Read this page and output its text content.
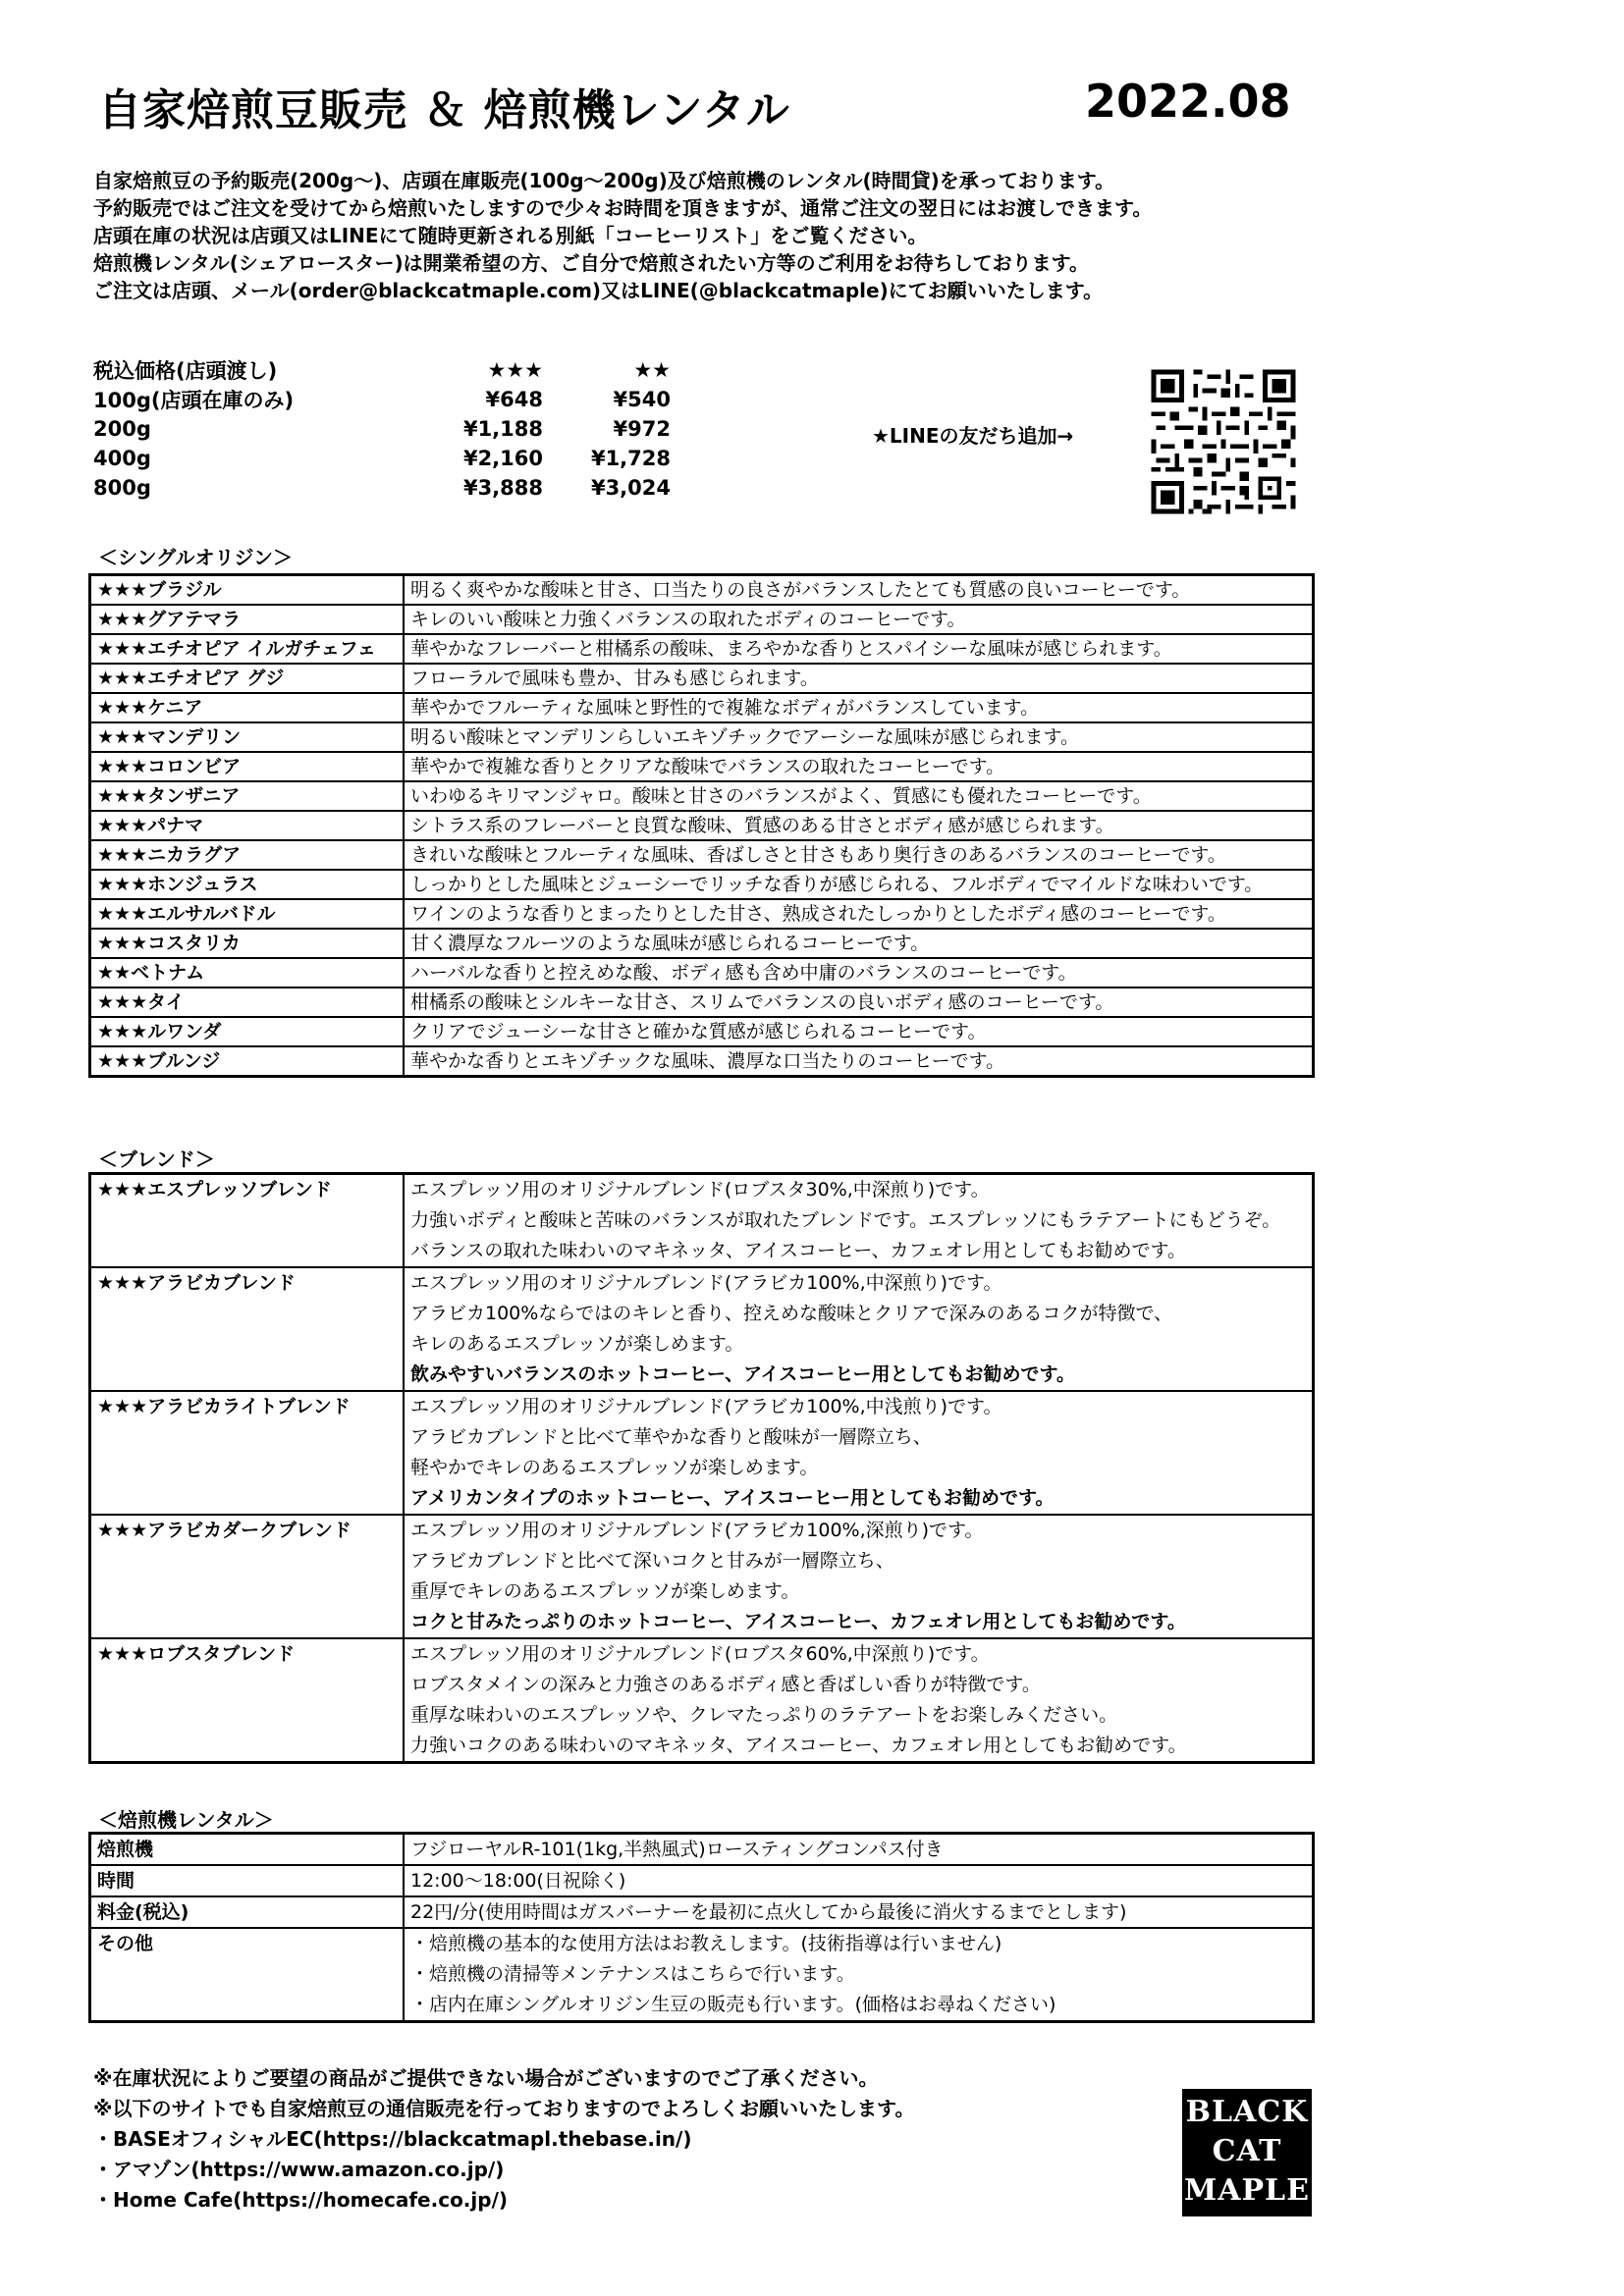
自家焙煎豆販売 ＆ 焙煎機レンタル	2022.08
自家焙煎豆の予約販売(200g～)、店頭在庫販売(100g～200g)及び焙煎機のレンタル(時間貸)を承っております。
予約販売ではご注文を受けてから焙煎いたしますので少々お時間を頂きますが、通常ご注文の翌日にはお渡しできます。
店頭在庫の状況は店頭又はLINEにて随時更新される別紙「コーヒーリスト」をご覧ください。
焙煎機レンタル(シェアロースター)は開業希望の方、ご自分で焙煎されたい方等のご利用をお待ちしております。
ご注文は店頭、メール(order@blackcatmaple.com)又はLINE(@blackcatmaple)にてお願いいたします。
税込価格(店頭渡し)	★★★	★★
100g(店頭在庫のみ)	¥648	¥540
200g	¥1,188	¥972
400g	¥2,160	¥1,728
800g	¥3,888	¥3,024
★LINEの友だち追加→
＜シングルオリジン＞
★★★ブラジル	明るく爽やかな酸味と甘さ、口当たりの良さがバランスしたとても質感の良いコーヒーです。
★★★グアテマラ	キレのいい酸味と力強くバランスの取れたボディのコーヒーです。
★★★エチオピア イルガチェフェ	華やかなフレーバーと柑橘系の酸味、まろやかな香りとスパイシーな風味が感じられます。
★★★エチオピア グジ	フローラルで風味も豊か、甘みも感じられます。
★★★ケニア	華やかでフルーティな風味と野性的で複雑なボディがバランスしています。
★★★マンデリン	明るい酸味とマンデリンらしいエキゾチックでアーシーな風味が感じられます。
★★★コロンビア	華やかで複雑な香りとクリアな酸味でバランスの取れたコーヒーです。
★★★タンザニア	いわゆるキリマンジャロ。酸味と甘さのバランスがよく、質感にも優れたコーヒーです。
★★★パナマ	シトラス系のフレーバーと良質な酸味、質感のある甘さとボディ感が感じられます。
★★★ニカラグア	きれいな酸味とフルーティな風味、香ばしさと甘さもあり奥行きのあるバランスのコーヒーです。
★★★ホンジュラス	しっかりとした風味とジューシーでリッチな香りが感じられる、フルボディでマイルドな味わいです。
★★★エルサルバドル	ワインのような香りとまったりとした甘さ、熟成されたしっかりとしたボディ感のコーヒーです。
★★★コスタリカ	甘く濃厚なフルーツのような風味が感じられるコーヒーです。
★★ベトナム	ハーバルな香りと控えめな酸、ボディ感も含め中庸のバランスのコーヒーです。
★★★タイ	柑橘系の酸味とシルキーな甘さ、スリムでバランスの良いボディ感のコーヒーです。
★★★ルワンダ	クリアでジューシーな甘さと確かな質感が感じられるコーヒーです。
★★★ブルンジ	華やかな香りとエキゾチックな風味、濃厚な口当たりのコーヒーです。
＜ブレンド＞
★★★エスプレッソブレンド	エスプレッソ用のオリジナルブレンド(ロブスタ30%,中深煎り)です。
力強いボディと酸味と苦味のバランスが取れたブレンドです。エスプレッソにもラテアートにもどうぞ。
バランスの取れた味わいのマキネッタ、アイスコーヒー、カフェオレ用としてもお勧めです。

★★★アラビカブレンド	エスプレッソ用のオリジナルブレンド(アラビカ100%,中深煎り)です。
アラビカ100%ならではのキレと香り、控えめな酸味とクリアで深みのあるコクが特徴で、
キレのあるエスプレッソが楽しめます。
飲みやすいバランスのホットコーヒー、アイスコーヒー用としてもお勧めです。

★★★アラビカライトブレンド	エスプレッソ用のオリジナルブレンド(アラビカ100%,中浅煎り)です。
アラビカブレンドと比べて華やかな香りと酸味が一層際立ち、
軽やかでキレのあるエスプレッソが楽しめます。
アメリカンタイプのホットコーヒー、アイスコーヒー用としてもお勧めです。

★★★アラビカダークブレンド	エスプレッソ用のオリジナルブレンド(アラビカ100%,深煎り)です。
アラビカブレンドと比べて深いコクと甘みが一層際立ち、
重厚でキレのあるエスプレッソが楽しめます。
コクと甘みたっぷりのホットコーヒー、アイスコーヒー、カフェオレ用としてもお勧めです。

★★★ロブスタブレンド	エスプレッソ用のオリジナルブレンド(ロブスタ60%,中深煎り)です。
ロブスタメインの深みと力強さのあるボディ感と香ばしい香りが特徴です。
重厚な味わいのエスプレッソや、クレマたっぷりのラテアートをお楽しみください。
力強いコクのある味わいのマキネッタ、アイスコーヒー、カフェオレ用としてもお勧めです。
＜焙煎機レンタル＞
焙煎機	フジローヤルR-101(1kg,半熱風式)ロースティングコンパス付き
時間	12:00～18:00(日祝除く)
料金(税込)	22円/分(使用時間はガスバーナーを最初に点火してから最後に消火するまでとします)
その他	・焙煎機の基本的な使用方法はお教えします。(技術指導は行いません)
・焙煎機の清掃等メンテナンスはこちらで行います。
・店内在庫シングルオリジン生豆の販売も行います。(価格はお尋ねください)
※在庫状況によりご要望の商品がご提供できない場合がございますのでご了承ください。
※以下のサイトでも自家焙煎豆の通信販売を行っておりますのでよろしくお願いいたします。
・BASEオフィシャルEC(https://blackcatmapl.thebase.in/)
・アマゾン(https://www.amazon.co.jp/)
・Home Cafe(https://homecafe.co.jp/)
BLACK
CAT
MAPLE
